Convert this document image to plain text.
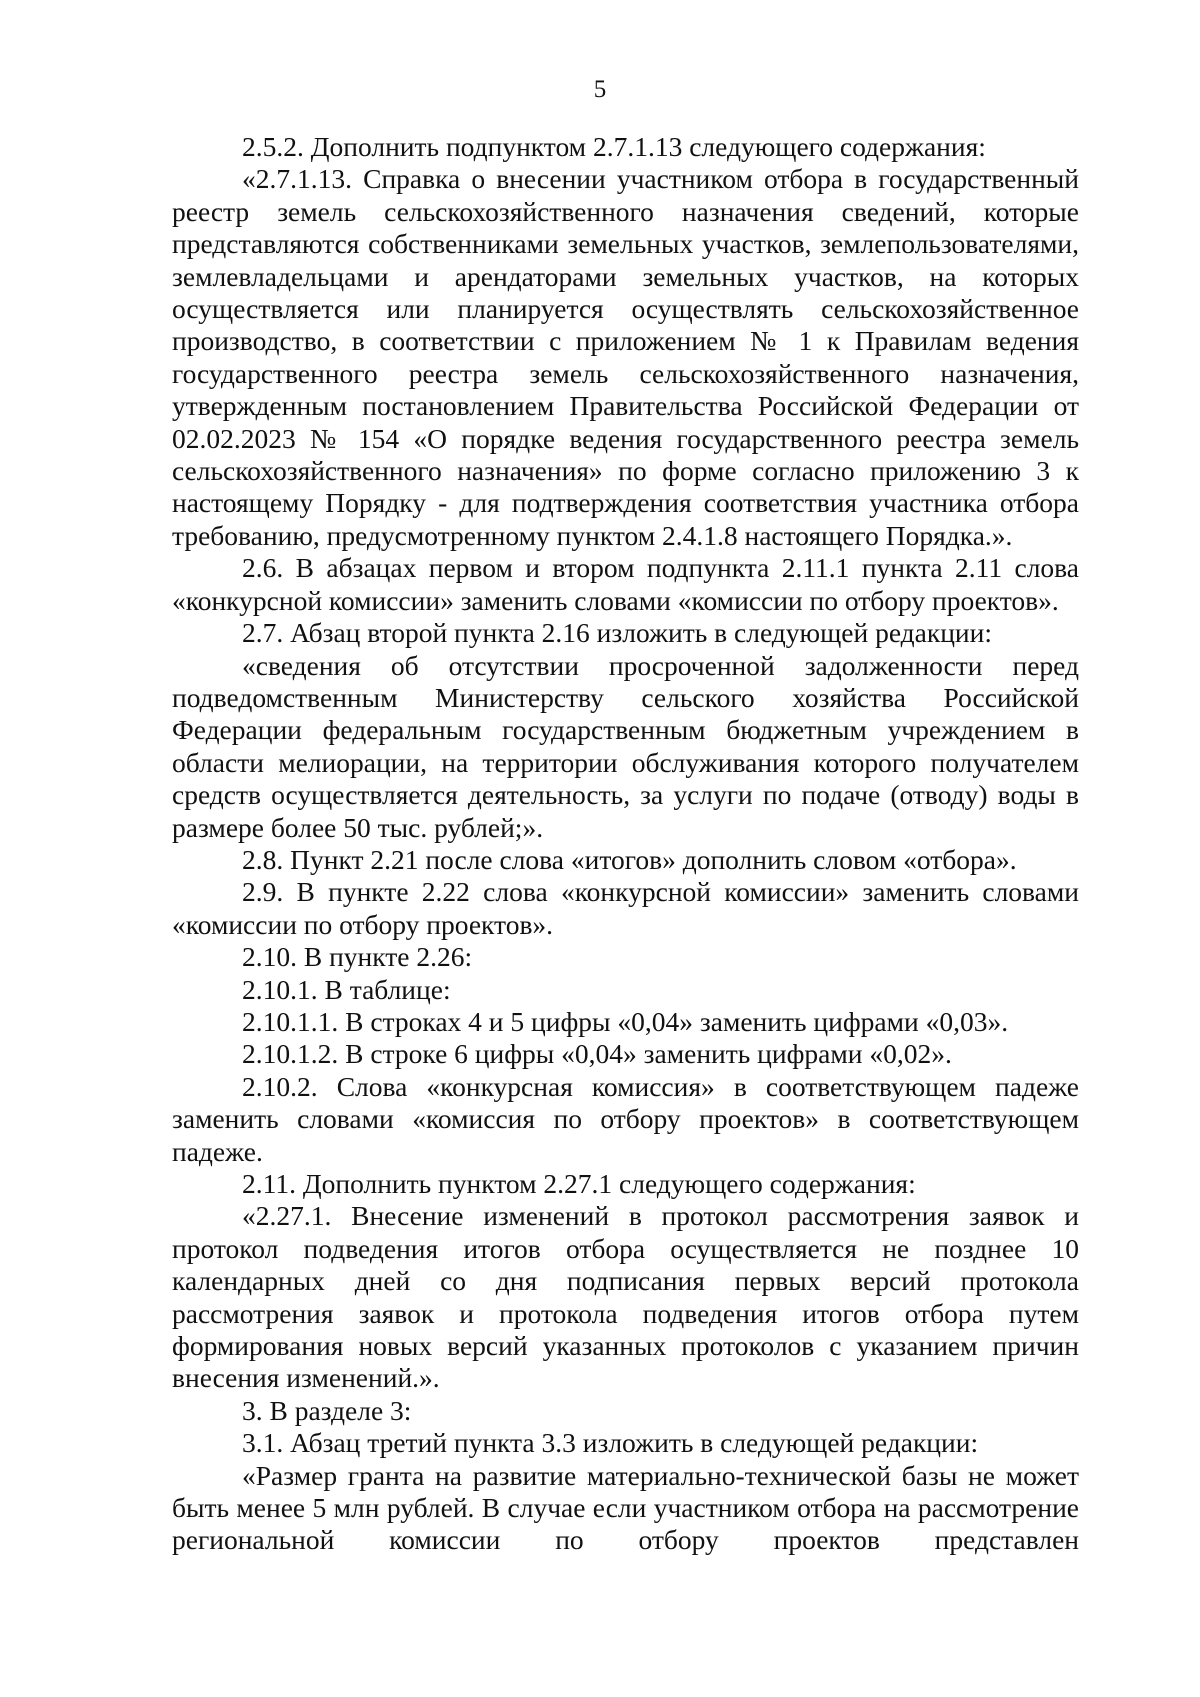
5

2.5.2. Дополнить подпунктом 2.7.1.13 следующего содержания:

«2.7.1.13. Справка о внесении участником отбора в государственный реестр земель сельскохозяйственного назначения сведений, которые представляются собственниками земельных участков, землепользователями, землевладельцами и арендаторами земельных участков, на которых осуществляется или планируется осуществлять сельскохозяйственное производство, в соответствии с приложением № 1 к Правилам ведения государственного реестра земель сельскохозяйственного назначения, утвержденным постановлением Правительства Российской Федерации от 02.02.2023 № 154 «О порядке ведения государственного реестра земель сельскохозяйственного назначения» по форме согласно приложению 3 к настоящему Порядку - для подтверждения соответствия участника отбора требованию, предусмотренному пунктом 2.4.1.8 настоящего Порядка.».

2.6. В абзацах первом и втором подпункта 2.11.1 пункта 2.11 слова «конкурсной комиссии» заменить словами «комиссии по отбору проектов».

2.7. Абзац второй пункта 2.16 изложить в следующей редакции:

«сведения об отсутствии просроченной задолженности перед подведомственным Министерству сельского хозяйства Российской Федерации федеральным государственным бюджетным учреждением в области мелиорации, на территории обслуживания которого получателем средств осуществляется деятельность, за услуги по подаче (отводу) воды в размере более 50 тыс. рублей;».

2.8. Пункт 2.21 после слова «итогов» дополнить словом «отбора».

2.9. В пункте 2.22 слова «конкурсной комиссии» заменить словами «комиссии по отбору проектов».

2.10. В пункте 2.26:

2.10.1. В таблице:

2.10.1.1. В строках 4 и 5 цифры «0,04» заменить цифрами «0,03».

2.10.1.2. В строке 6 цифры «0,04» заменить цифрами «0,02».

2.10.2. Слова «конкурсная комиссия» в соответствующем падеже заменить словами «комиссия по отбору проектов» в соответствующем падеже.

2.11. Дополнить пунктом 2.27.1 следующего содержания:

«2.27.1. Внесение изменений в протокол рассмотрения заявок и протокол подведения итогов отбора осуществляется не позднее 10 календарных дней со дня подписания первых версий протокола рассмотрения заявок и протокола подведения итогов отбора путем формирования новых версий указанных протоколов с указанием причин внесения изменений.».

3. В разделе 3:

3.1. Абзац третий пункта 3.3 изложить в следующей редакции:

«Размер гранта на развитие материально-технической базы не может быть менее 5 млн рублей. В случае если участником отбора на рассмотрение региональной комиссии по отбору проектов представлен
